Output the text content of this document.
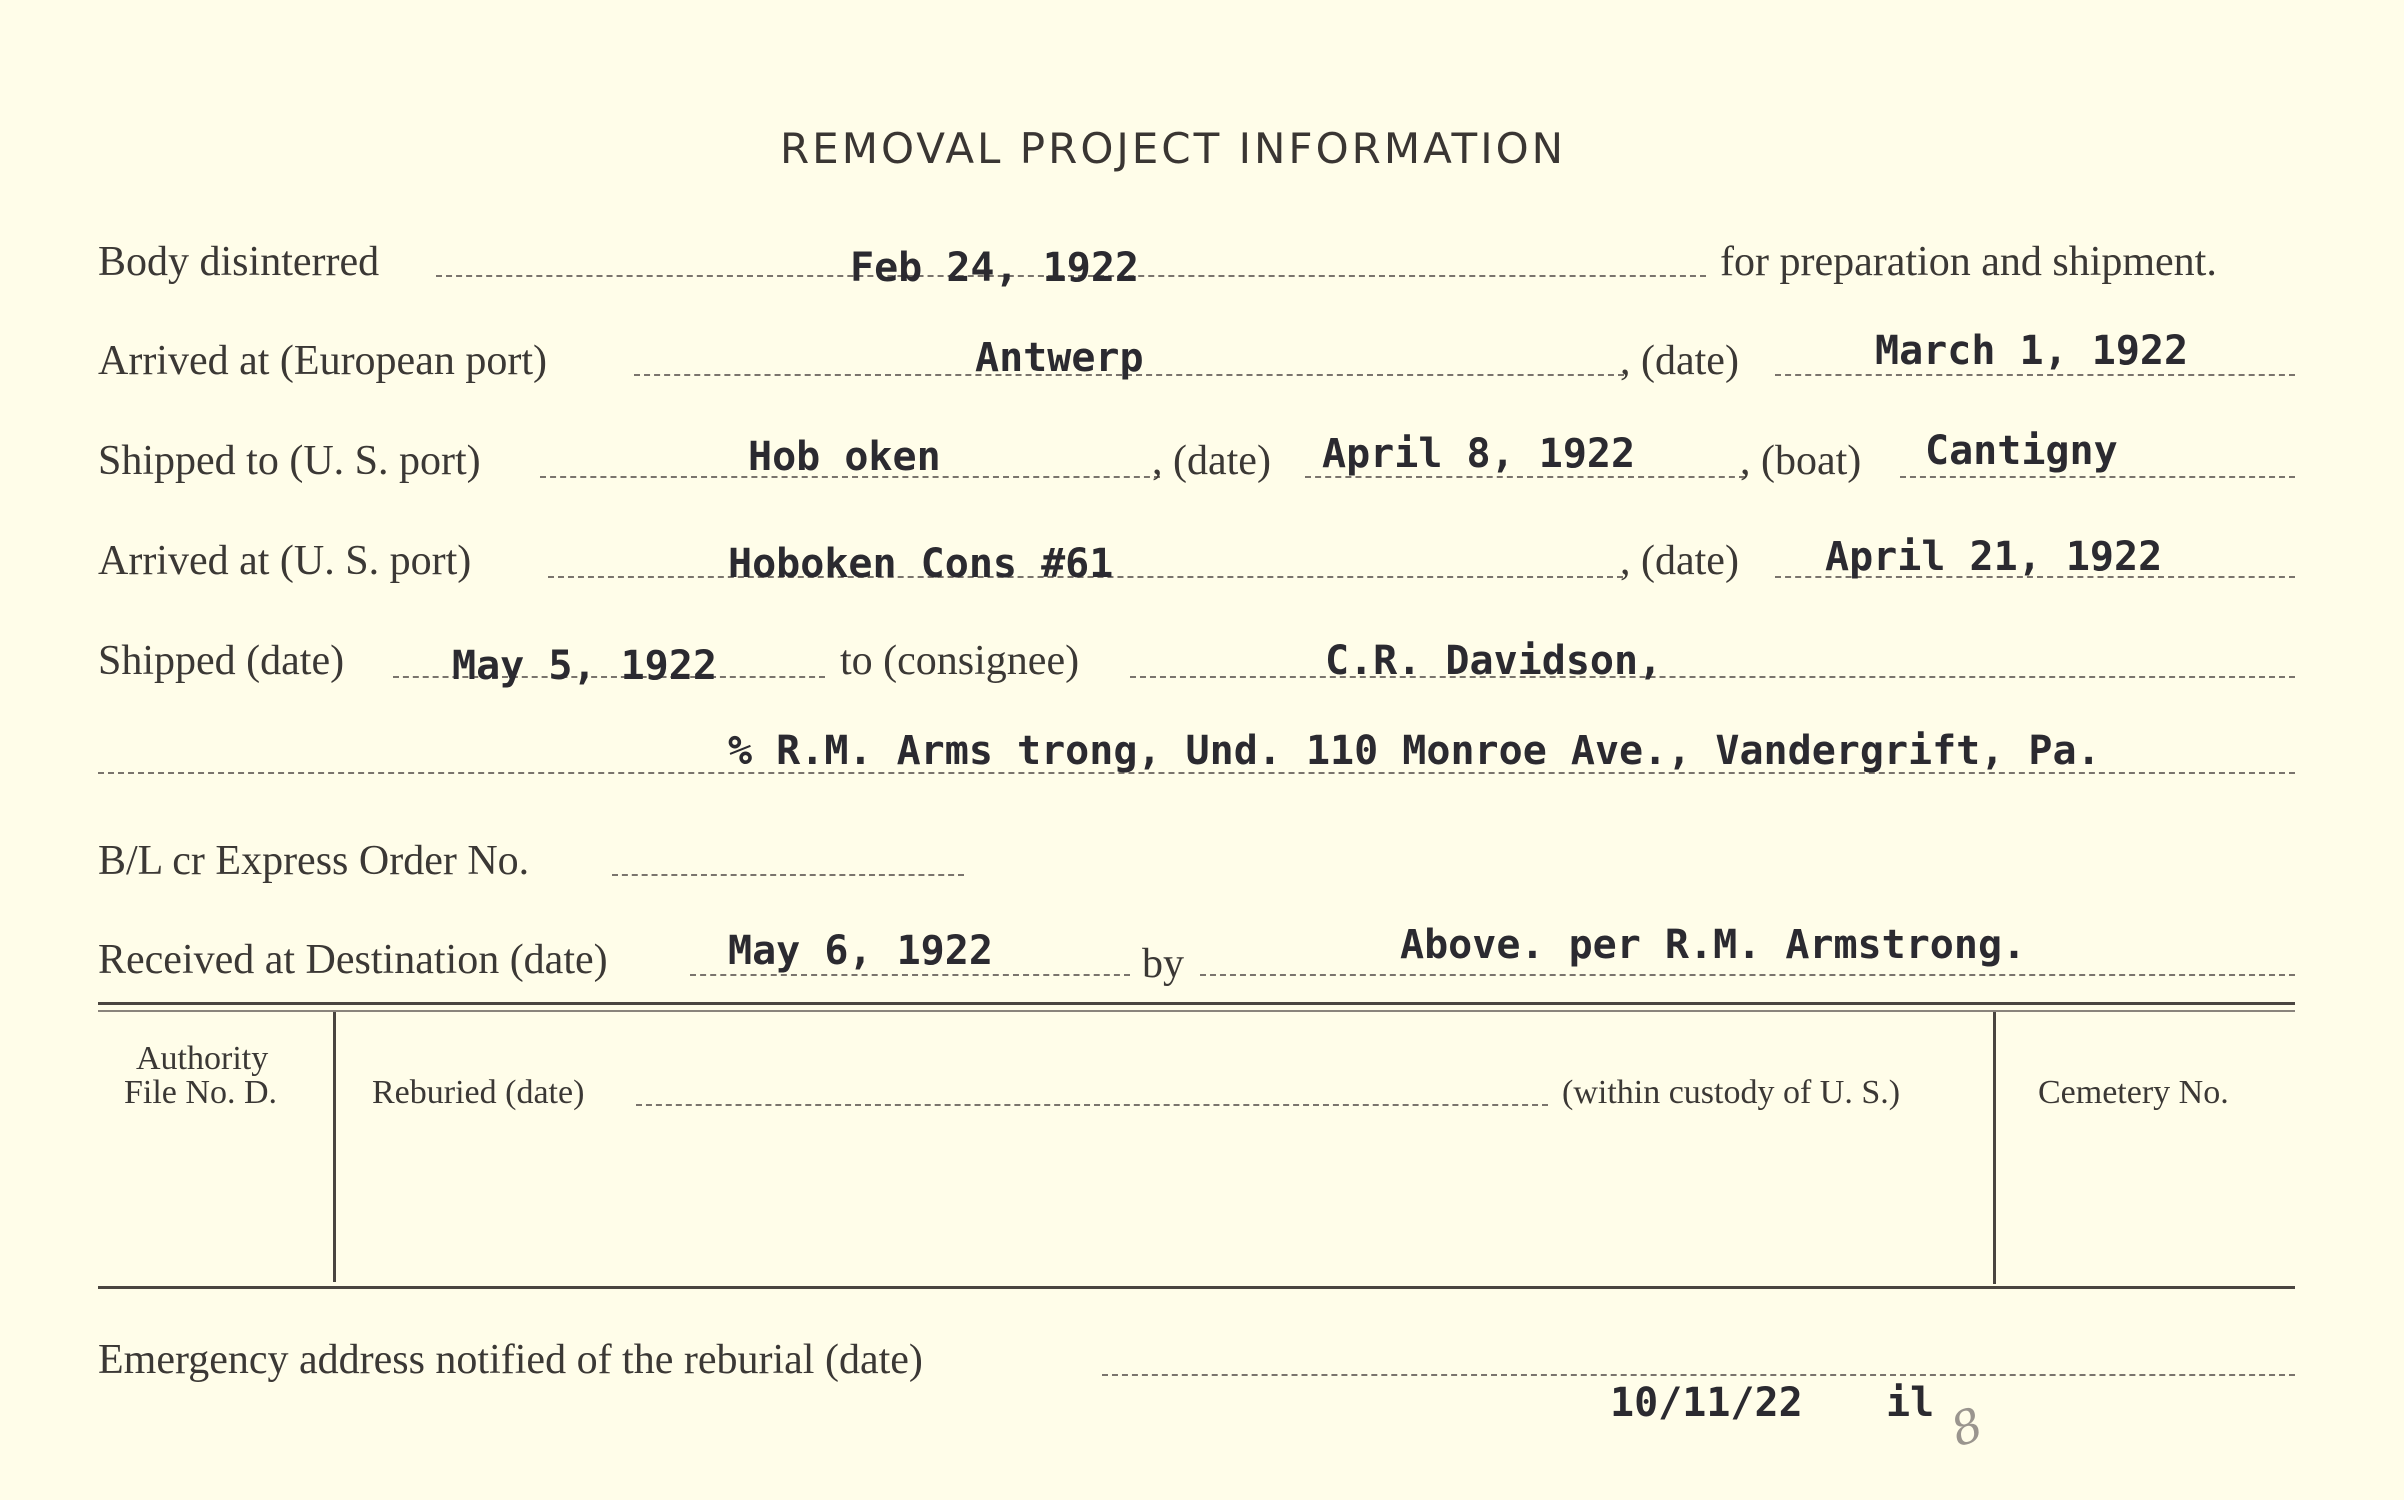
REMOVAL PROJECT INFORMATION
Body disinterred	Feb 24, 1922	for preparation and shipment.
Arrived at (European port)	Antwerp	, (date)	March 1, 1922
Shipped to (U. S. port)	Hob oken	, (date) April 8, 1922 , (boat) Cantigny
Arrived at (U. S. port)	Hoboken Cons #61	, (date) April 21, 1922
Shipped (date)	May 5, 1922	to (consignee)	C.R. Davidson,
% R.M. Arms trong, Und. 110 Monroe Ave., Vandergrift, Pa.
B/L cr Express Order No.
Received at Destination (date)	May 6, 1922	by	Above. per R.M. Armstrong.
Authority
File No. D.	Reburied (date)	(within custody of U. S.)	Cemetery No.
Emergency address notified of the reburial (date)
10/11/22 il 8
